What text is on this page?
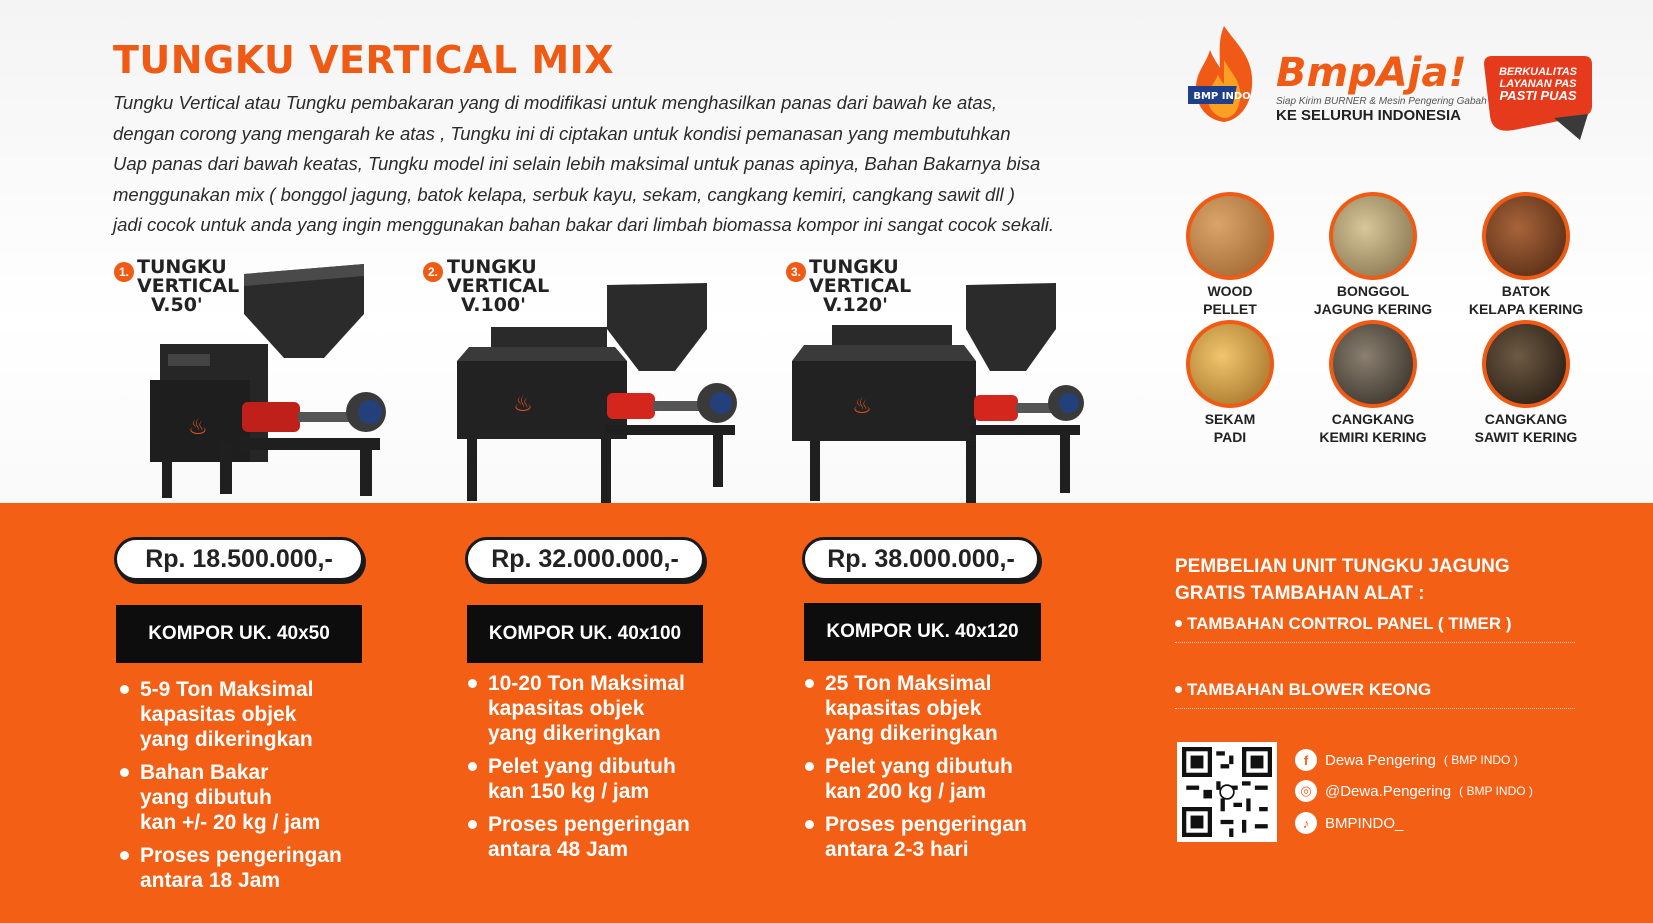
TUNGKU VERTICAL MIX
Tungku Vertical atau Tungku pembakaran yang di modifikasi untuk menghasilkan panas dari bawah ke atas,
dengan corong yang mengarah ke atas , Tungku ini di ciptakan untuk kondisi pemanasan yang membutuhkan
Uap panas dari bawah keatas, Tungku model ini selain lebih maksimal untuk panas apinya, Bahan Bakarnya bisa
menggunakan mix ( bonggol jagung, batok kelapa, serbuk kayu, sekam, cangkang kemiri, cangkang sawit dll )
jadi cocok untuk anda yang ingin menggunakan bahan bakar dari limbah biomassa kompor ini sangat cocok sekali.
BMP INDO
BmpAja!
Siap Kirim BURNER & Mesin Pengering Gabah
KE SELURUH INDONESIA
BERKUALITAS
LAYANAN PAS
PASTI PUAS
WOOD
PELLET
BONGGOL
JAGUNG KERING
BATOK
KELAPA KERING
SEKAM
PADI
CANGKANG
KEMIRI KERING
CANGKANG
SAWIT KERING
1. TUNGKU
VERTICAL
V.50'
♨
2. TUNGKU
VERTICAL
V.100'
♨
3. TUNGKU
VERTICAL
V.120'
♨
Rp. 18.500.000,-	Rp. 32.000.000,-	Rp. 38.000.000,-
KOMPOR UK. 40x50	KOMPOR UK. 40x100	KOMPOR UK. 40x120
5-9 Ton Maksimal
kapasitas objek
yang dikeringkan
Bahan Bakar
yang dibutuh
kan +/- 20 kg / jam
Proses pengeringan
antara 18 Jam
10-20 Ton Maksimal
kapasitas objek
yang dikeringkan
Pelet yang dibutuh
kan 150 kg / jam
Proses pengeringan
antara 48 Jam
25 Ton Maksimal
kapasitas objek
yang dikeringkan
Pelet yang dibutuh
kan 200 kg / jam
Proses pengeringan
antara 2-3 hari
PEMBELIAN UNIT TUNGKU JAGUNG
GRATIS TAMBAHAN ALAT :
TAMBAHAN CONTROL PANEL ( TIMER )
TAMBAHAN BLOWER KEONG
f	Dewa Pengering ( BMP INDO )
◎ @Dewa.Pengering ( BMP INDO )
♪	BMPINDO_
